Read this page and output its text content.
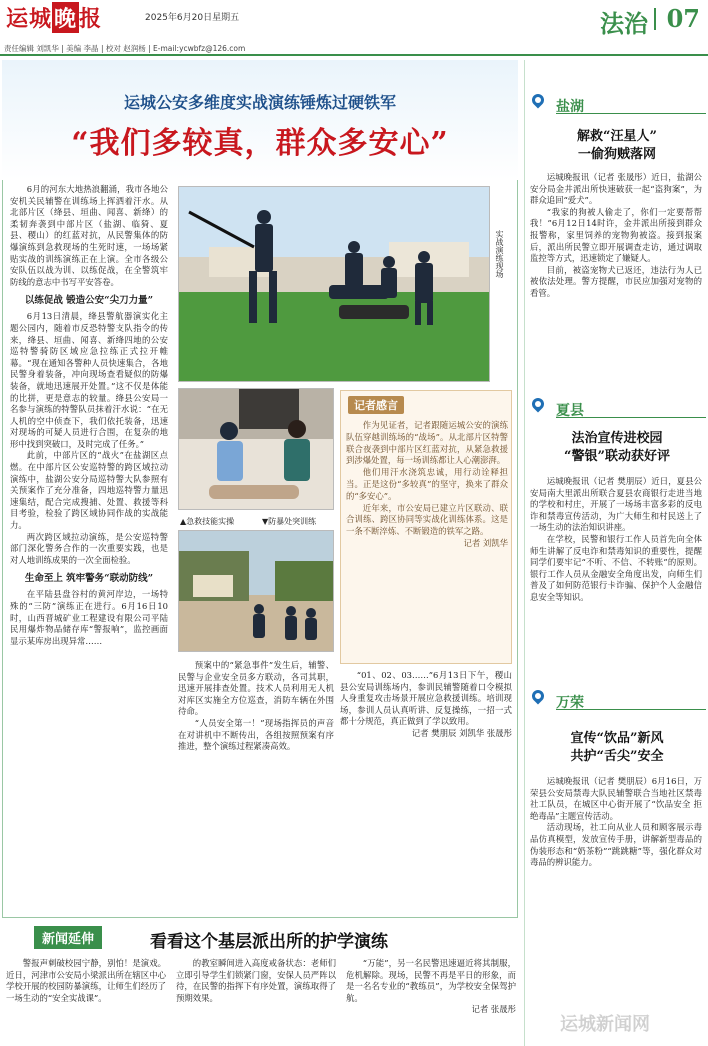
运城晚报	2025年6月20日星期五	法治 07
责任编辑 刘凯华 | 美编 李晶 | 校对 赵润杨 | E-mail:ycwbfz@126.com
运城公安多维度实战演练锤炼过硬铁军
“我们多较真，群众多安心”

6月的河东大地热浪翻涌，我市各地公安机关民辅警在训练场上挥洒着汗水。从北部片区（绛县、垣曲、闻喜、新绛）的柔韧奔袭到中部片区（盐湖、临猗、夏县、稷山）的红蓝对抗，从民警集体的防爆演练到急救现场的生死时速，一场场紧贴实战的训练演练正在上演。全市各级公安队伍以战为训、以练促战，在全警筑牢防线的意志中书写平安答卷。

以练促战 锻造公安“尖刀力量”

6月13日清晨，绛县警航器演实化主题公园内，随着市反恐特警支队指令的传来，绛县、垣曲、闻喜、新绛四地的公安巡特警骑防区域应急拉练正式拉开帷幕。“现在通知各警种人员快速集合，各地民警身着装备，冲向现场查看疑似的防爆装备，就地迅速展开处置。”这不仅是体能的比拼，更是意志的较量。绛县公安局一名参与演练的特警队员抹着汗水说：“在无人机的空中侦查下，我们依托装备，迅速对现场的可疑人员进行合围，在复杂的地形中找到突破口，及时完成了任务。”

此前，中部片区的“战火”在盐湖区点燃。在中部片区公安巡特警的跨区域拉动演练中，盐湖公安分局巡特警大队参照有关预案作了充分准备，四地巡特警力量迅速集结，配合完成搜捕、处置、救援等科目考验，检验了跨区域协同作战的实战能力。

两次跨区域拉动演练，是公安巡特警部门深化警务合作的一次重要实践，也是对人地训练成果的一次全面检验。

生命至上 筑牢警务“联动防线”

在平陆县盘谷村的黄河岸边，一场特殊的“三防”演练正在进行。6月16日10时，山西晋城矿业工程建设有限公司平陆民用爆炸物品储存库“警报响”，监控画面显示某库房出现异常……

实战演练现场
▲急救技能实操	▼防暴处突训练
记者感言

作为见证者，记者跟随运城公安的演练队伍穿越训练场的“战场”。从北部片区特警联合夜袭到中部片区红蓝对抗，从紧急救援到涉爆处置，每一场训练都让人心潮澎湃。

他们用汗水浇筑忠诚，用行动诠释担当。正是这份“多较真”的坚守，换来了群众的“多安心”。

近年来，市公安局已建立片区联动、联合训练、跨区协同等实战化训练体系。这是一条不断淬炼、不断锻造的铁军之路。

记者 刘凯华

预案中的“紧急事件”发生后，辅警、民警与企业安全员多方联动，各司其职，迅速开展排查处置。技术人员利用无人机对库区实施全方位巡查，消防车辆在外围待命。

“人员安全第一！”现场指挥员的声音在对讲机中不断传出，各组按照预案有序推进，整个演练过程紧凑高效。

“01、02、03……”6月13日下午，稷山县公安局训练场内，参训民辅警随着口令模拟人身重复攻击场景开展应急救援训练。培训现场，参训人员认真听讲、反复操练，一招一式都十分规范，真正做到了学以致用。

记者 樊朋辰 刘凯华 张晟彤

盐湖
解救“汪星人”
一偷狗贼落网

运城晚报讯（记者 张晟彤）近日，盐湖公安分局金井派出所快速破获一起“盗狗案”，为群众追回“爱犬”。

“我家的狗被人偷走了，你们一定要帮帮我！”6月12日14时许，金井派出所接到群众报警称，家里饲养的宠物狗被盗。接到报案后，派出所民警立即开展调查走访，通过调取监控等方式，迅速锁定了嫌疑人。

目前，被盗宠物犬已返还，违法行为人已被依法处理。警方提醒，市民应加强对宠物的看管。

夏县
法治宣传进校园
“警银”联动获好评

运城晚报讯（记者 樊朋辰）近日，夏县公安局南大里派出所联合夏县农商银行走进当地的学校和村庄，开展了一场场丰富多彩的反电诈和禁毒宣传活动，为广大师生和村民送上了一场生动的法治知识讲座。

在学校，民警和银行工作人员首先向全体师生讲解了反电诈和禁毒知识的重要性，提醒同学们要牢记“不听、不信、不转账”的原则。银行工作人员从金融安全角度出发，向师生们普及了如何防范银行卡诈骗、保护个人金融信息安全等知识。

万荣
宣传“饮品”新风
共护“舌尖”安全

运城晚报讯（记者 樊朋辰）6月16日，万荣县公安局禁毒大队民辅警联合当地社区禁毒社工队员，在城区中心街开展了“饮品安全 拒绝毒品”主题宣传活动。

活动现场，社工向从业人员和顾客展示毒品仿真模型，发放宣传手册，讲解新型毒品的伪装形态和“奶茶粉”“跳跳糖”等，强化群众对毒品的辨识能力。

新闻延伸	看看这个基层派出所的护学演练

警报声刺破校园宁静，别怕！是演戏。近日，河津市公安局小梁派出所在辖区中心学校开展的校园防暴演练，让师生们经历了一场生动的“安全实战课”。

的教室瞬间进入高度戒备状态：老师们立即引导学生们锁紧门窗，安保人员严阵以待，在民警的指挥下有序处置，演练取得了预期效果。

“万能”，另一名民警迅速逼近将其制服，危机解除。现场，民警不再是平日的形象，而是一名名专业的“教练员”，为学校安全保驾护航。

记者 张晟彤

运城新闻网
